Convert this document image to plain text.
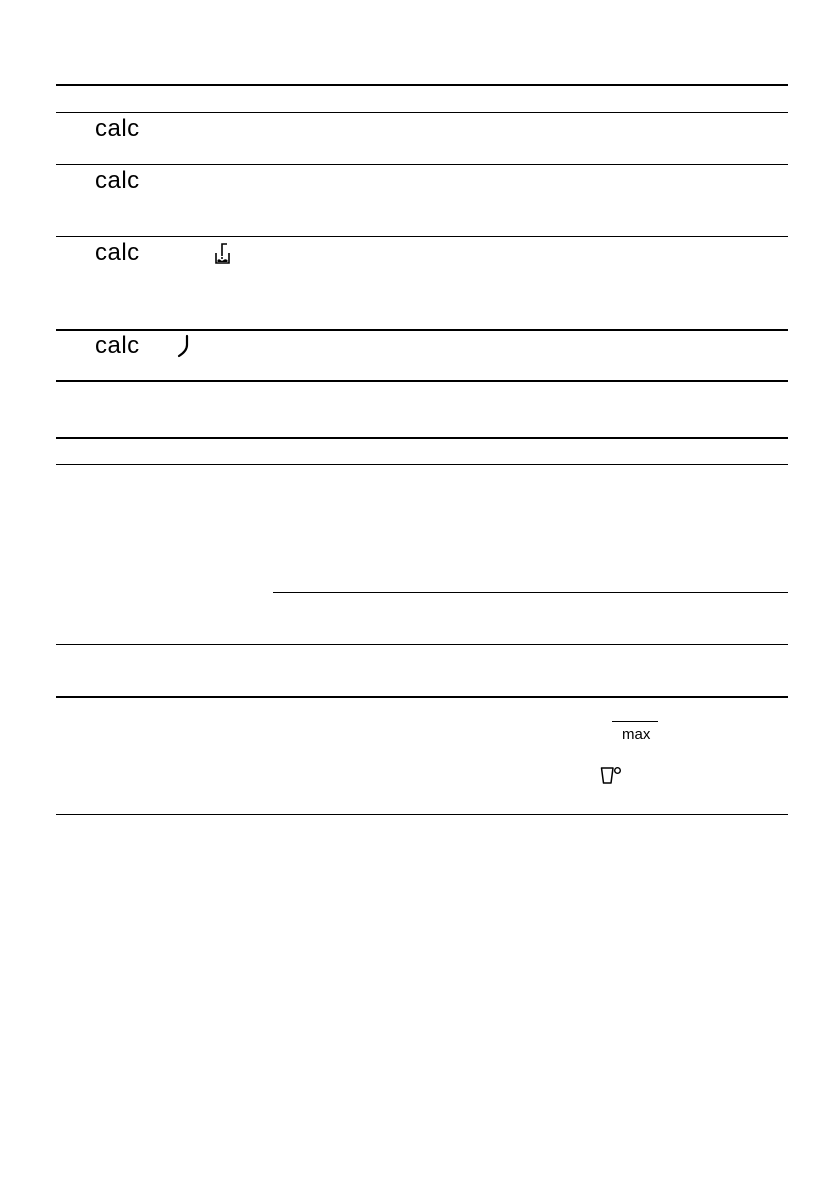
calc
calc
calc
calc
max
